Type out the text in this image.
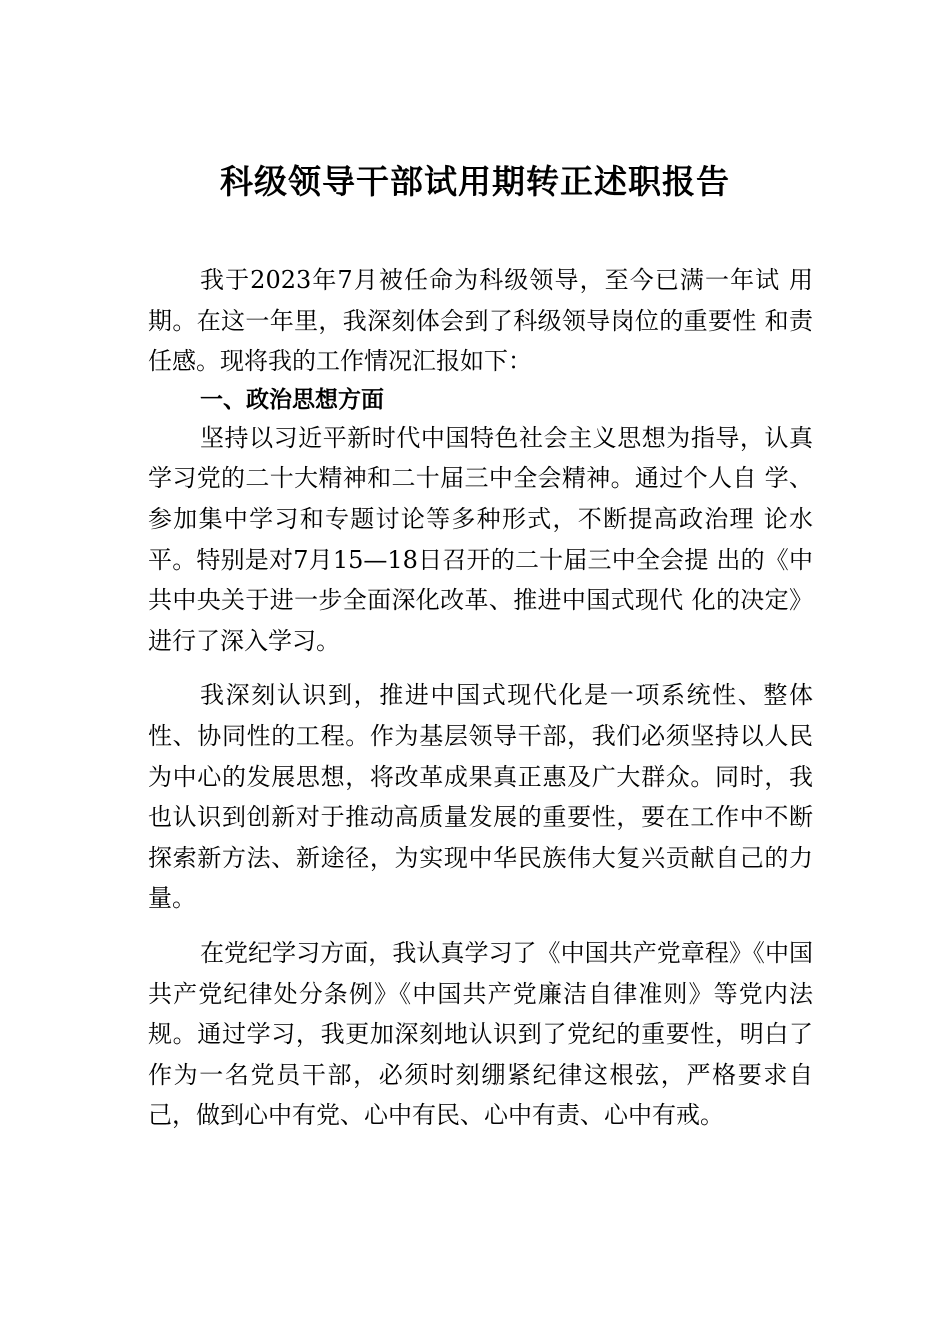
科级领导干部试用期转正述职报告

我于2023年7月被任命为科级领导，至今已满一年试 用期。在这一年里，我深刻体会到了科级领导岗位的重要性 和责任感。现将我的工作情况汇报如下：

一、政治思想方面

坚持以习近平新时代中国特色社会主义思想为指导，认真学习党的二十大精神和二十届三中全会精神。通过个人自 学、参加集中学习和专题讨论等多种形式，不断提高政治理 论水平。特别是对7月15—18日召开的二十届三中全会提 出的《中共中央关于进一步全面深化改革、推进中国式现代 化的决定》进行了深入学习。

我深刻认识到，推进中国式现代化是一项系统性、整体性、协同性的工程。作为基层领导干部，我们必须坚持以人民为中心的发展思想，将改革成果真正惠及广大群众。同时，我也认识到创新对于推动高质量发展的重要性，要在工作中不断探索新方法、新途径，为实现中华民族伟大复兴贡献自己的力量。

在党纪学习方面，我认真学习了《中国共产党章程》《中国共产党纪律处分条例》《中国共产党廉洁自律准则》等党内法规。通过学习，我更加深刻地认识到了党纪的重要性，明白了作为一名党员干部，必须时刻绷紧纪律这根弦，严格要求自己，做到心中有党、心中有民、心中有责、心中有戒。
